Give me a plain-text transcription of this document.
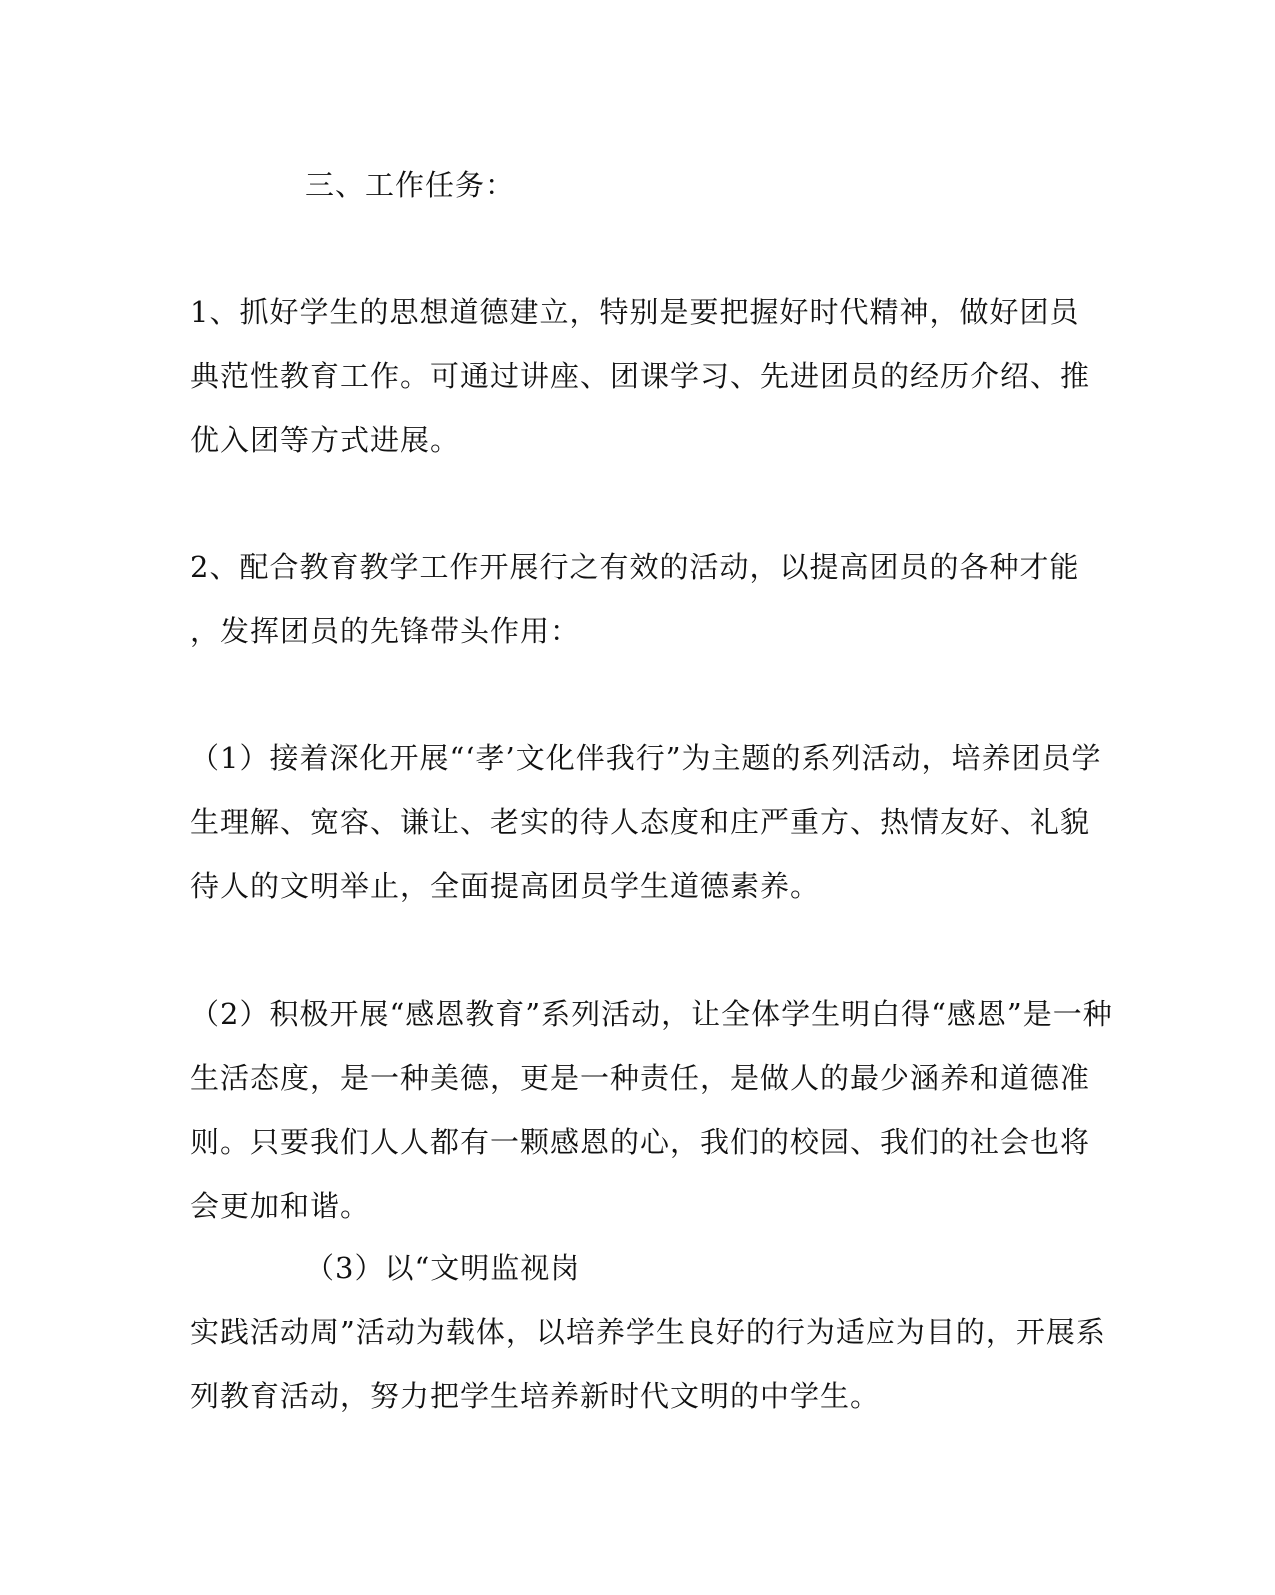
三、工作任务：
1、抓好学生的思想道德建立，特别是要把握好时代精神，做好团员
典范性教育工作。可通过讲座、团课学习、先进团员的经历介绍、推
优入团等方式进展。
2、配合教育教学工作开展行之有效的活动，以提高团员的各种才能
，发挥团员的先锋带头作用：
（1）接着深化开展“‘孝’文化伴我行”为主题的系列活动，培养团员学
生理解、宽容、谦让、老实的待人态度和庄严重方、热情友好、礼貌
待人的文明举止，全面提高团员学生道德素养。
（2）积极开展“感恩教育”系列活动，让全体学生明白得“感恩”是一种
生活态度，是一种美德，更是一种责任，是做人的最少涵养和道德准
则。只要我们人人都有一颗感恩的心，我们的校园、我们的社会也将
会更加和谐。
（3）以“文明监视岗
实践活动周”活动为载体，以培养学生良好的行为适应为目的，开展系
列教育活动，努力把学生培养新时代文明的中学生。
